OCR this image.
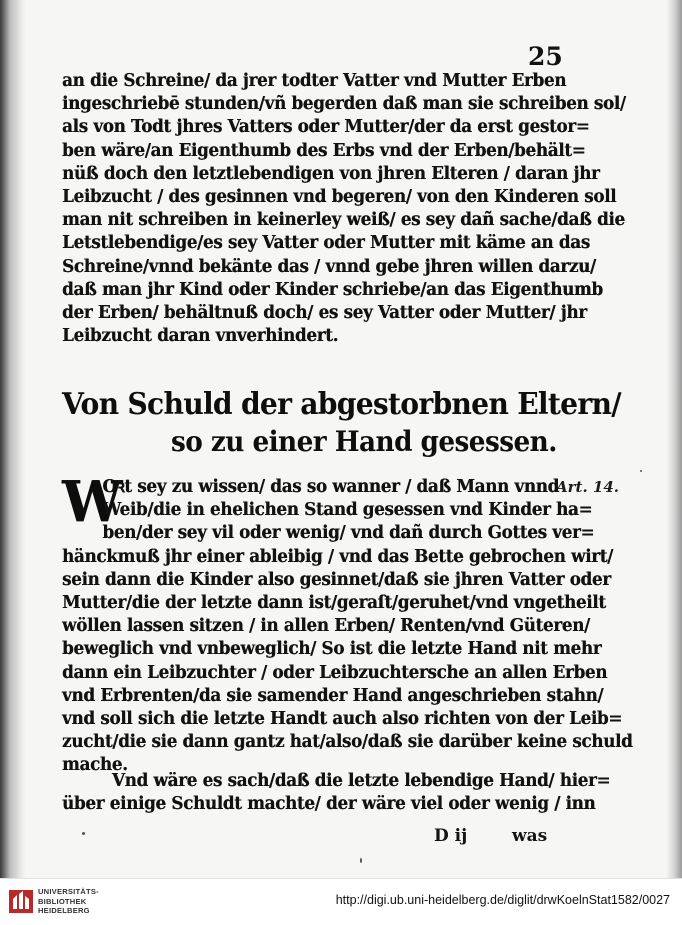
25
an die Schreine/ da jrer todter Vatter vnd Mutter Erben
ingeschriebē stunden/vñ begerden daß man sie schreiben sol/
als von Todt jhres Vatters oder Mutter/der da erst gestor=
ben wäre/an Eigenthumb des Erbs vnd der Erben/behält=
nüß doch den letztlebendigen von jhren Elteren / daran jhr
Leibzucht / des gesinnen vnd begeren/ von den Kinderen soll
man nit schreiben in keinerley weiß/ es sey dañ sache/daß die
Letstlebendige/es sey Vatter oder Mutter mit käme an das
Schreine/vnnd bekänte das / vnnd gebe jhren willen darzu/
daß man jhr Kind oder Kinder schriebe/an das Eigenthumb
der Erben/ behältnuß doch/ es sey Vatter oder Mutter/ jhr
Leibzucht daran vnverhindert.
Von Schuld der abgestorbnen Eltern/
so zu einer Hand gesessen.
Art. 14.
W
Oꝛt sey zu wissen/ das so wanner / daß Mann vnnd
Weib/die in ehelichen Stand gesessen vnd Kinder ha=
ben/der sey vil oder wenig/ vnd dañ durch Gottes ver=
hänckmuß jhr einer ableibig / vnd das Bette gebrochen wirt/
sein dann die Kinder also gesinnet/daß sie jhren Vatter oder
Mutter/die der letzte dann ist/geraſt/geruhet/vnd vngetheilt
wöllen lassen sitzen / in allen Erben/ Renten/vnd Güteren/
beweglich vnd vnbeweglich/ So ist die letzte Hand nit mehr
dann ein Leibzuchter / oder Leibzuchtersche an allen Erben
vnd Erbrenten/da sie samender Hand angeschrieben stahn/
vnd soll sich die letzte Handt auch also richten von der Leib=
zucht/die sie dann gantz hat/also/daß sie darüber keine schuld
mache.
Vnd wäre es sach/daß die letzte lebendige Hand/ hier=
über einige Schuldt machte/ der wäre viel oder wenig / inn
D ij	was
UNIVERSITÄTS-
BIBLIOTHEK
HEIDELBERG
http://digi.ub.uni-heidelberg.de/diglit/drwKoelnStat1582/0027
